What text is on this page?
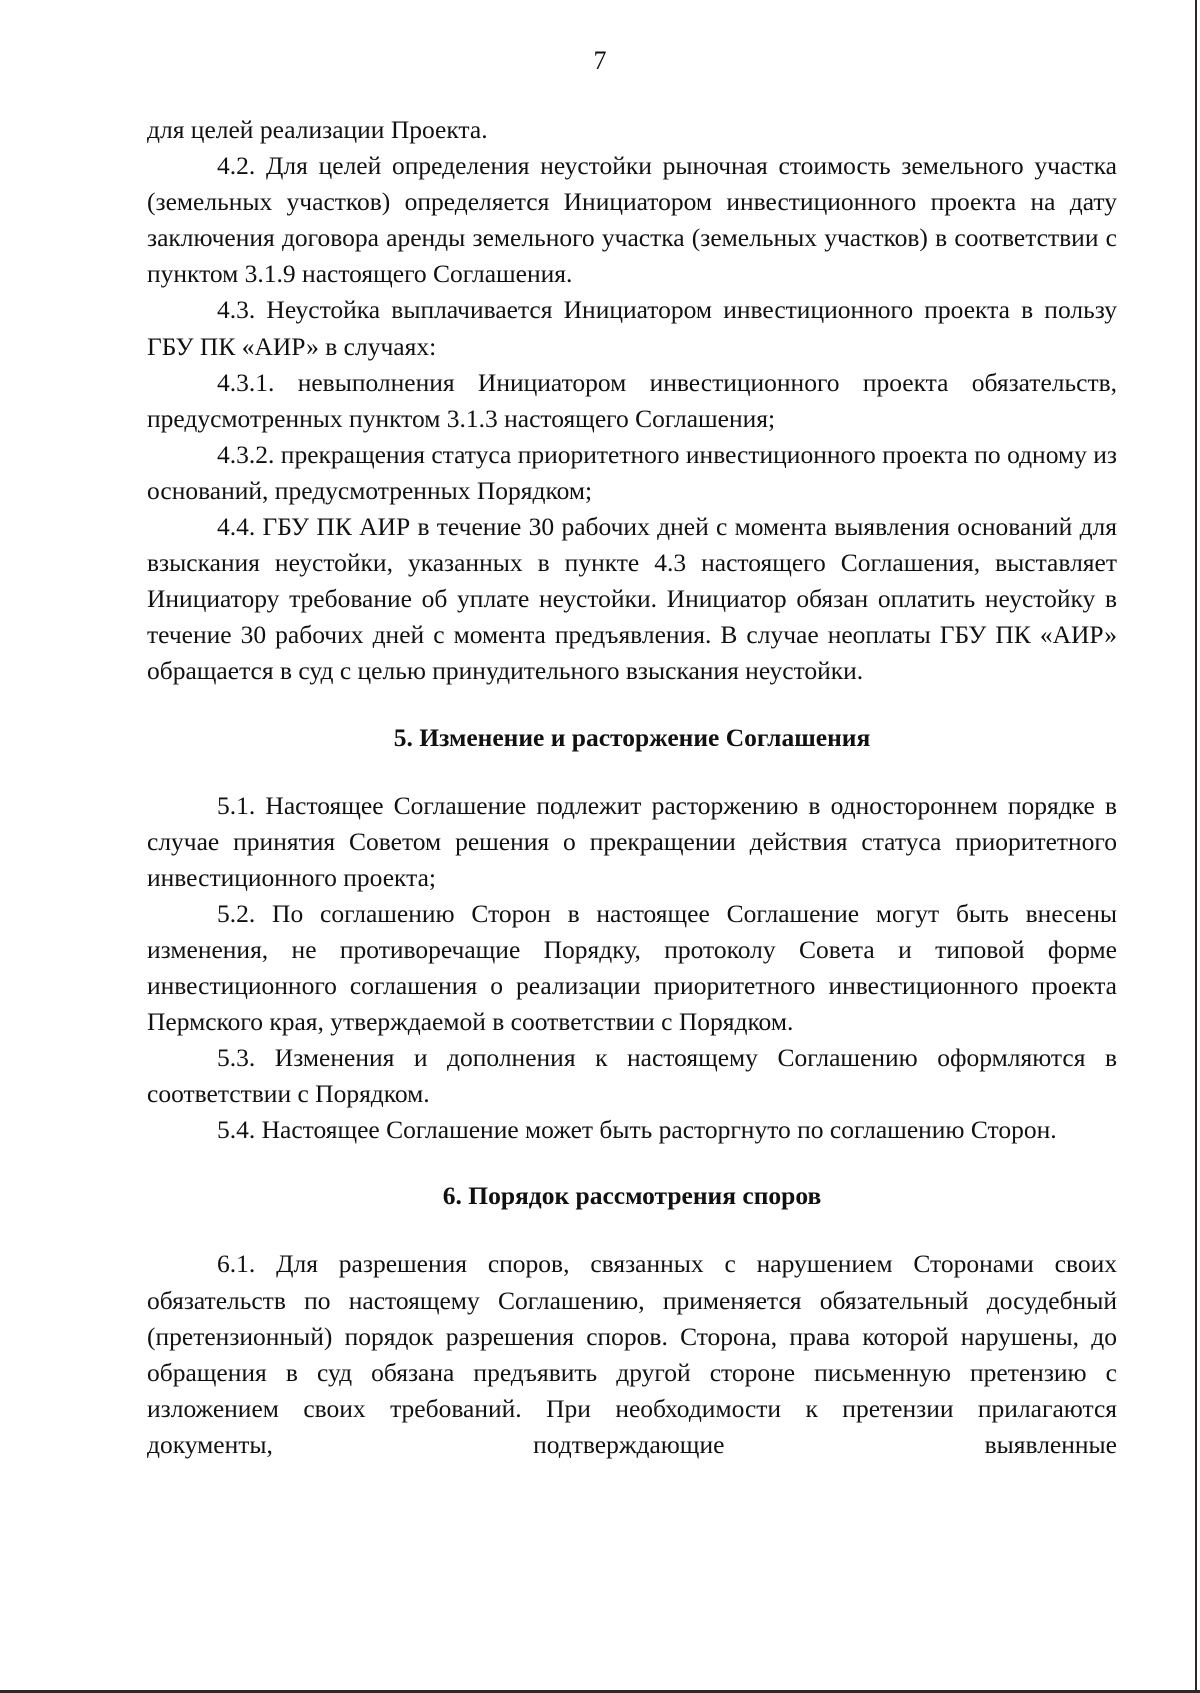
7

для целей реализации Проекта.

4.2. Для целей определения неустойки рыночная стоимость земельного участка (земельных участков) определяется Инициатором инвестиционного проекта на дату заключения договора аренды земельного участка (земельных участков) в соответствии с пунктом 3.1.9 настоящего Соглашения.

4.3. Неустойка выплачивается Инициатором инвестиционного проекта в пользу ГБУ ПК «АИР» в случаях:

4.3.1. невыполнения Инициатором инвестиционного проекта обязательств, предусмотренных пунктом 3.1.3 настоящего Соглашения;

4.3.2. прекращения статуса приоритетного инвестиционного проекта по одному из оснований, предусмотренных Порядком;

4.4. ГБУ ПК АИР в течение 30 рабочих дней с момента выявления оснований для взыскания неустойки, указанных в пункте 4.3 настоящего Соглашения, выставляет Инициатору требование об уплате неустойки. Инициатор обязан оплатить неустойку в течение 30 рабочих дней с момента предъявления. В случае неоплаты ГБУ ПК «АИР» обращается в суд с целью принудительного взыскания неустойки.

5. Изменение и расторжение Соглашения

5.1. Настоящее Соглашение подлежит расторжению в одностороннем порядке в случае принятия Советом решения о прекращении действия статуса приоритетного инвестиционного проекта;

5.2. По соглашению Сторон в настоящее Соглашение могут быть внесены изменения, не противоречащие Порядку, протоколу Совета и типовой форме инвестиционного соглашения о реализации приоритетного инвестиционного проекта Пермского края, утверждаемой в соответствии с Порядком.

5.3. Изменения и дополнения к настоящему Соглашению оформляются в соответствии с Порядком.

5.4. Настоящее Соглашение может быть расторгнуто по соглашению Сторон.

6. Порядок рассмотрения споров

6.1. Для разрешения споров, связанных с нарушением Сторонами своих обязательств по настоящему Соглашению, применяется обязательный досудебный (претензионный) порядок разрешения споров. Сторона, права которой нарушены, до обращения в суд обязана предъявить другой стороне письменную претензию с изложением своих требований. При необходимости к претензии прилагаются документы, подтверждающие выявленные
